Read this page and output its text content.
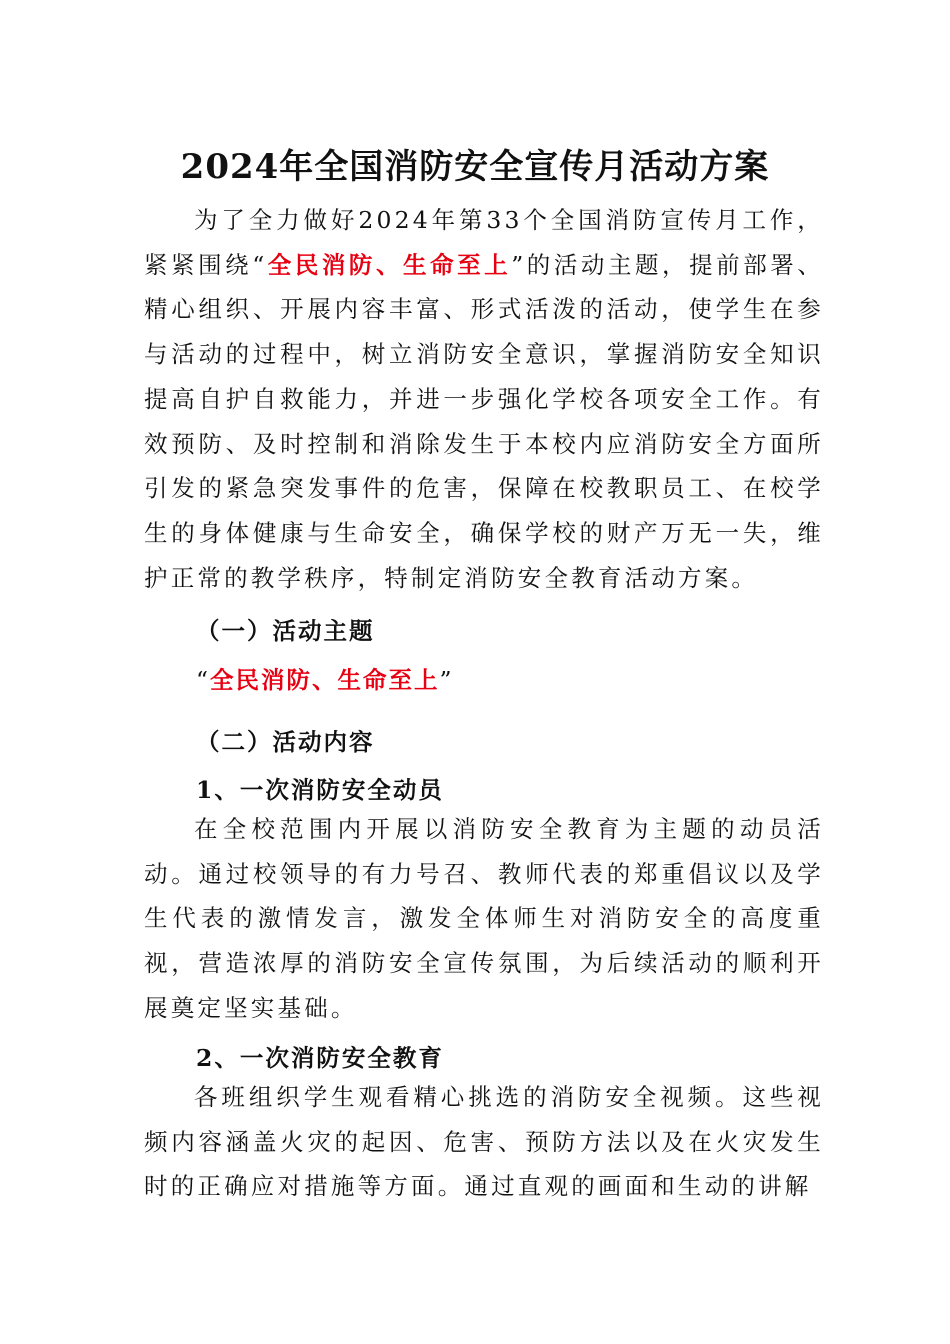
2024年全国消防安全宣传月活动方案
为了全力做好2024年第33个全国消防宣传月工作，紧紧围绕“全民消防、生命至上”的活动主题，提前部署、精心组织、开展内容丰富、形式活泼的活动，使学生在参与活动的过程中，树立消防安全意识，掌握消防安全知识提高自护自救能力，并进一步强化学校各项安全工作。有效预防、及时控制和消除发生于本校内应消防安全方面所引发的紧急突发事件的危害，保障在校教职员工、在校学生的身体健康与生命安全，确保学校的财产万无一失，维护正常的教学秩序，特制定消防安全教育活动方案。
（一）活动主题
“全民消防、生命至上”
（二）活动内容
1、一次消防安全动员
在全校范围内开展以消防安全教育为主题的动员活动。通过校领导的有力号召、教师代表的郑重倡议以及学生代表的激情发言，激发全体师生对消防安全的高度重视，营造浓厚的消防安全宣传氛围，为后续活动的顺利开展奠定坚实基础。
2、一次消防安全教育
各班组织学生观看精心挑选的消防安全视频。这些视频内容涵盖火灾的起因、危害、预防方法以及在火灾发生时的正确应对措施等方面。通过直观的画面和生动的讲解
